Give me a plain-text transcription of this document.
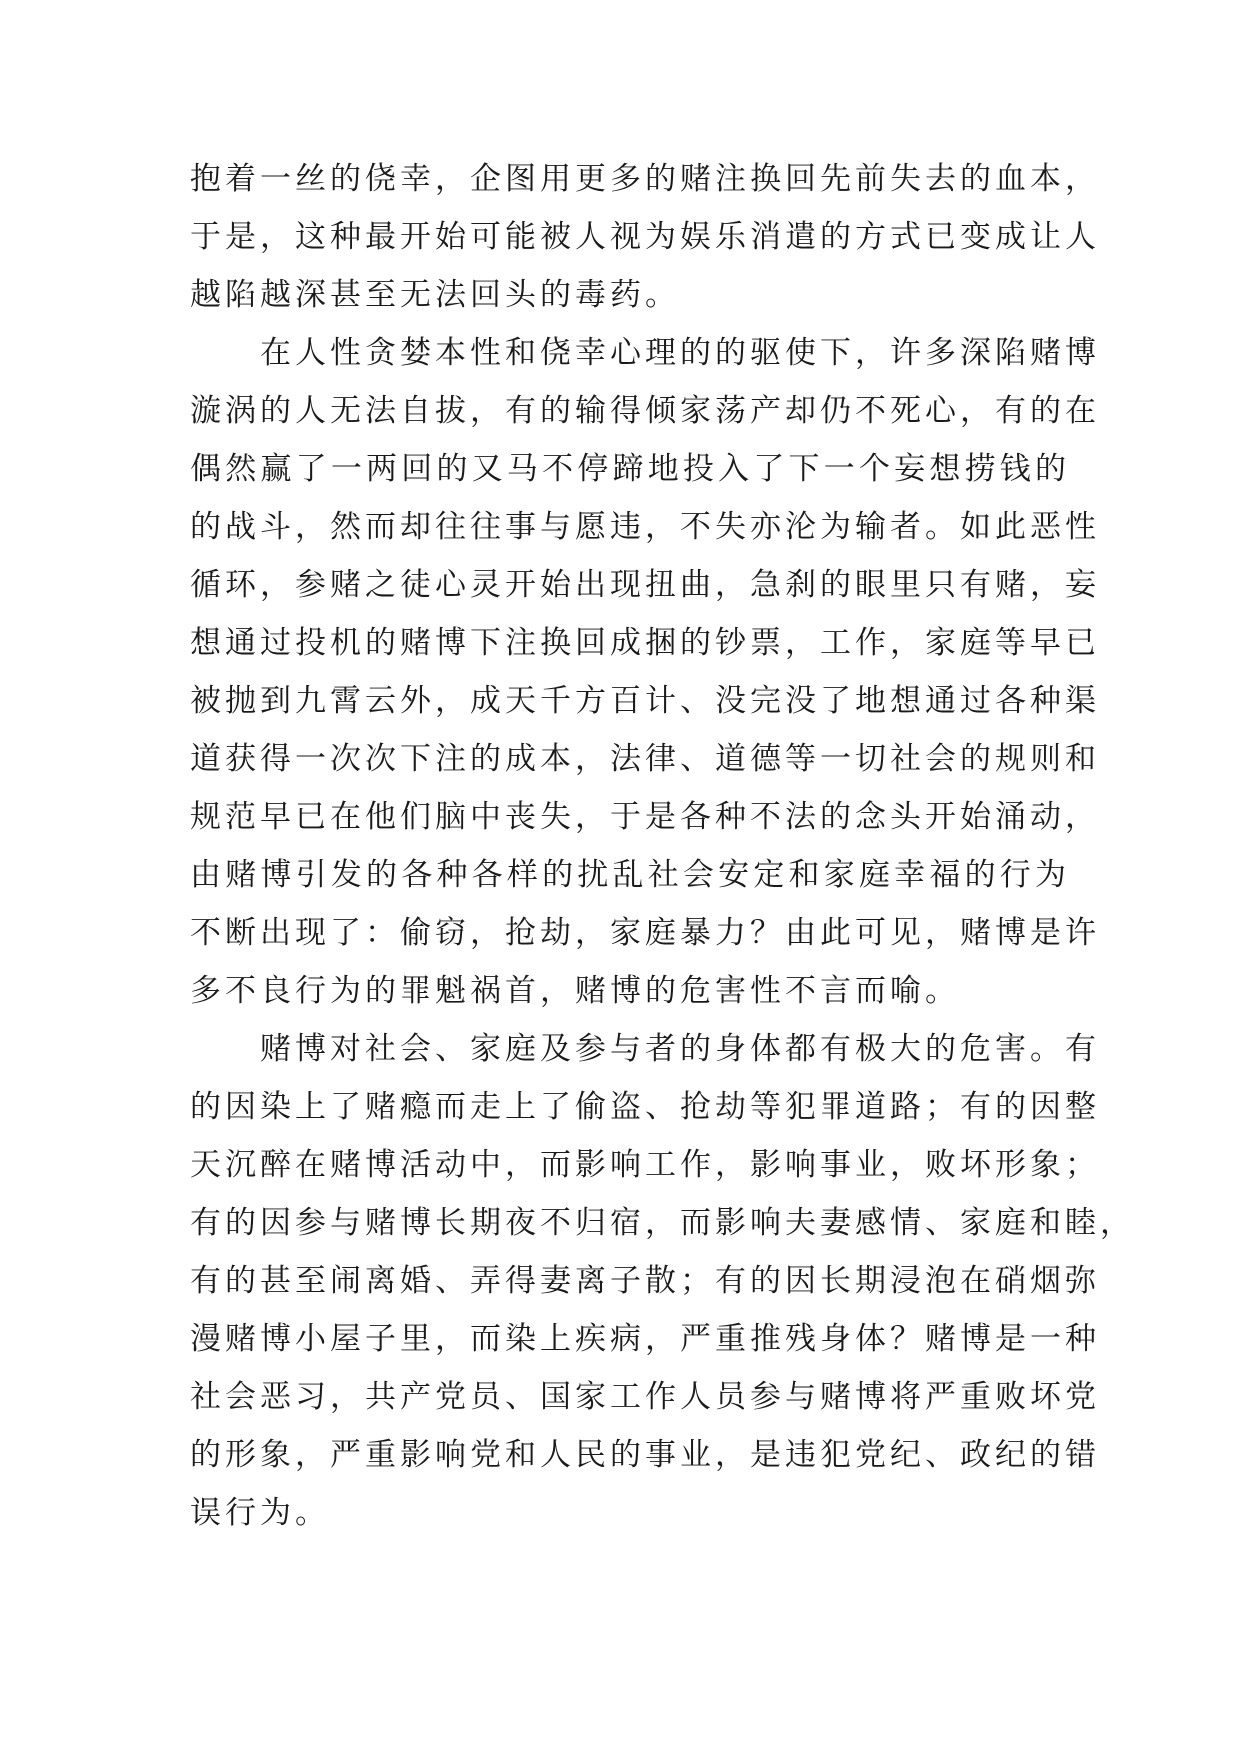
抱着一丝的侥幸，企图用更多的赌注换回先前失去的血本，
于是，这种最开始可能被人视为娱乐消遣的方式已变成让人
越陷越深甚至无法回头的毒药。
在人性贪婪本性和侥幸心理的的驱使下，许多深陷赌博
漩涡的人无法自拔，有的输得倾家荡产却仍不死心，有的在
偶然赢了一两回的又马不停蹄地投入了下一个妄想捞钱的
的战斗，然而却往往事与愿违，不失亦沦为输者。如此恶性
循环，参赌之徒心灵开始出现扭曲，急刹的眼里只有赌，妄
想通过投机的赌博下注换回成捆的钞票，工作，家庭等早已
被抛到九霄云外，成天千方百计、没完没了地想通过各种渠
道获得一次次下注的成本，法律、道德等一切社会的规则和
规范早已在他们脑中丧失，于是各种不法的念头开始涌动，
由赌博引发的各种各样的扰乱社会安定和家庭幸福的行为
不断出现了：偷窃，抢劫，家庭暴力？由此可见，赌博是许
多不良行为的罪魁祸首，赌博的危害性不言而喻。
赌博对社会、家庭及参与者的身体都有极大的危害。有
的因染上了赌瘾而走上了偷盗、抢劫等犯罪道路；有的因整
天沉醉在赌博活动中，而影响工作，影响事业，败坏形象；
有的因参与赌博长期夜不归宿，而影响夫妻感情、家庭和睦，
有的甚至闹离婚、弄得妻离子散；有的因长期浸泡在硝烟弥
漫赌博小屋子里，而染上疾病，严重推残身体？赌博是一种
社会恶习，共产党员、国家工作人员参与赌博将严重败坏党
的形象，严重影响党和人民的事业，是违犯党纪、政纪的错
误行为。
